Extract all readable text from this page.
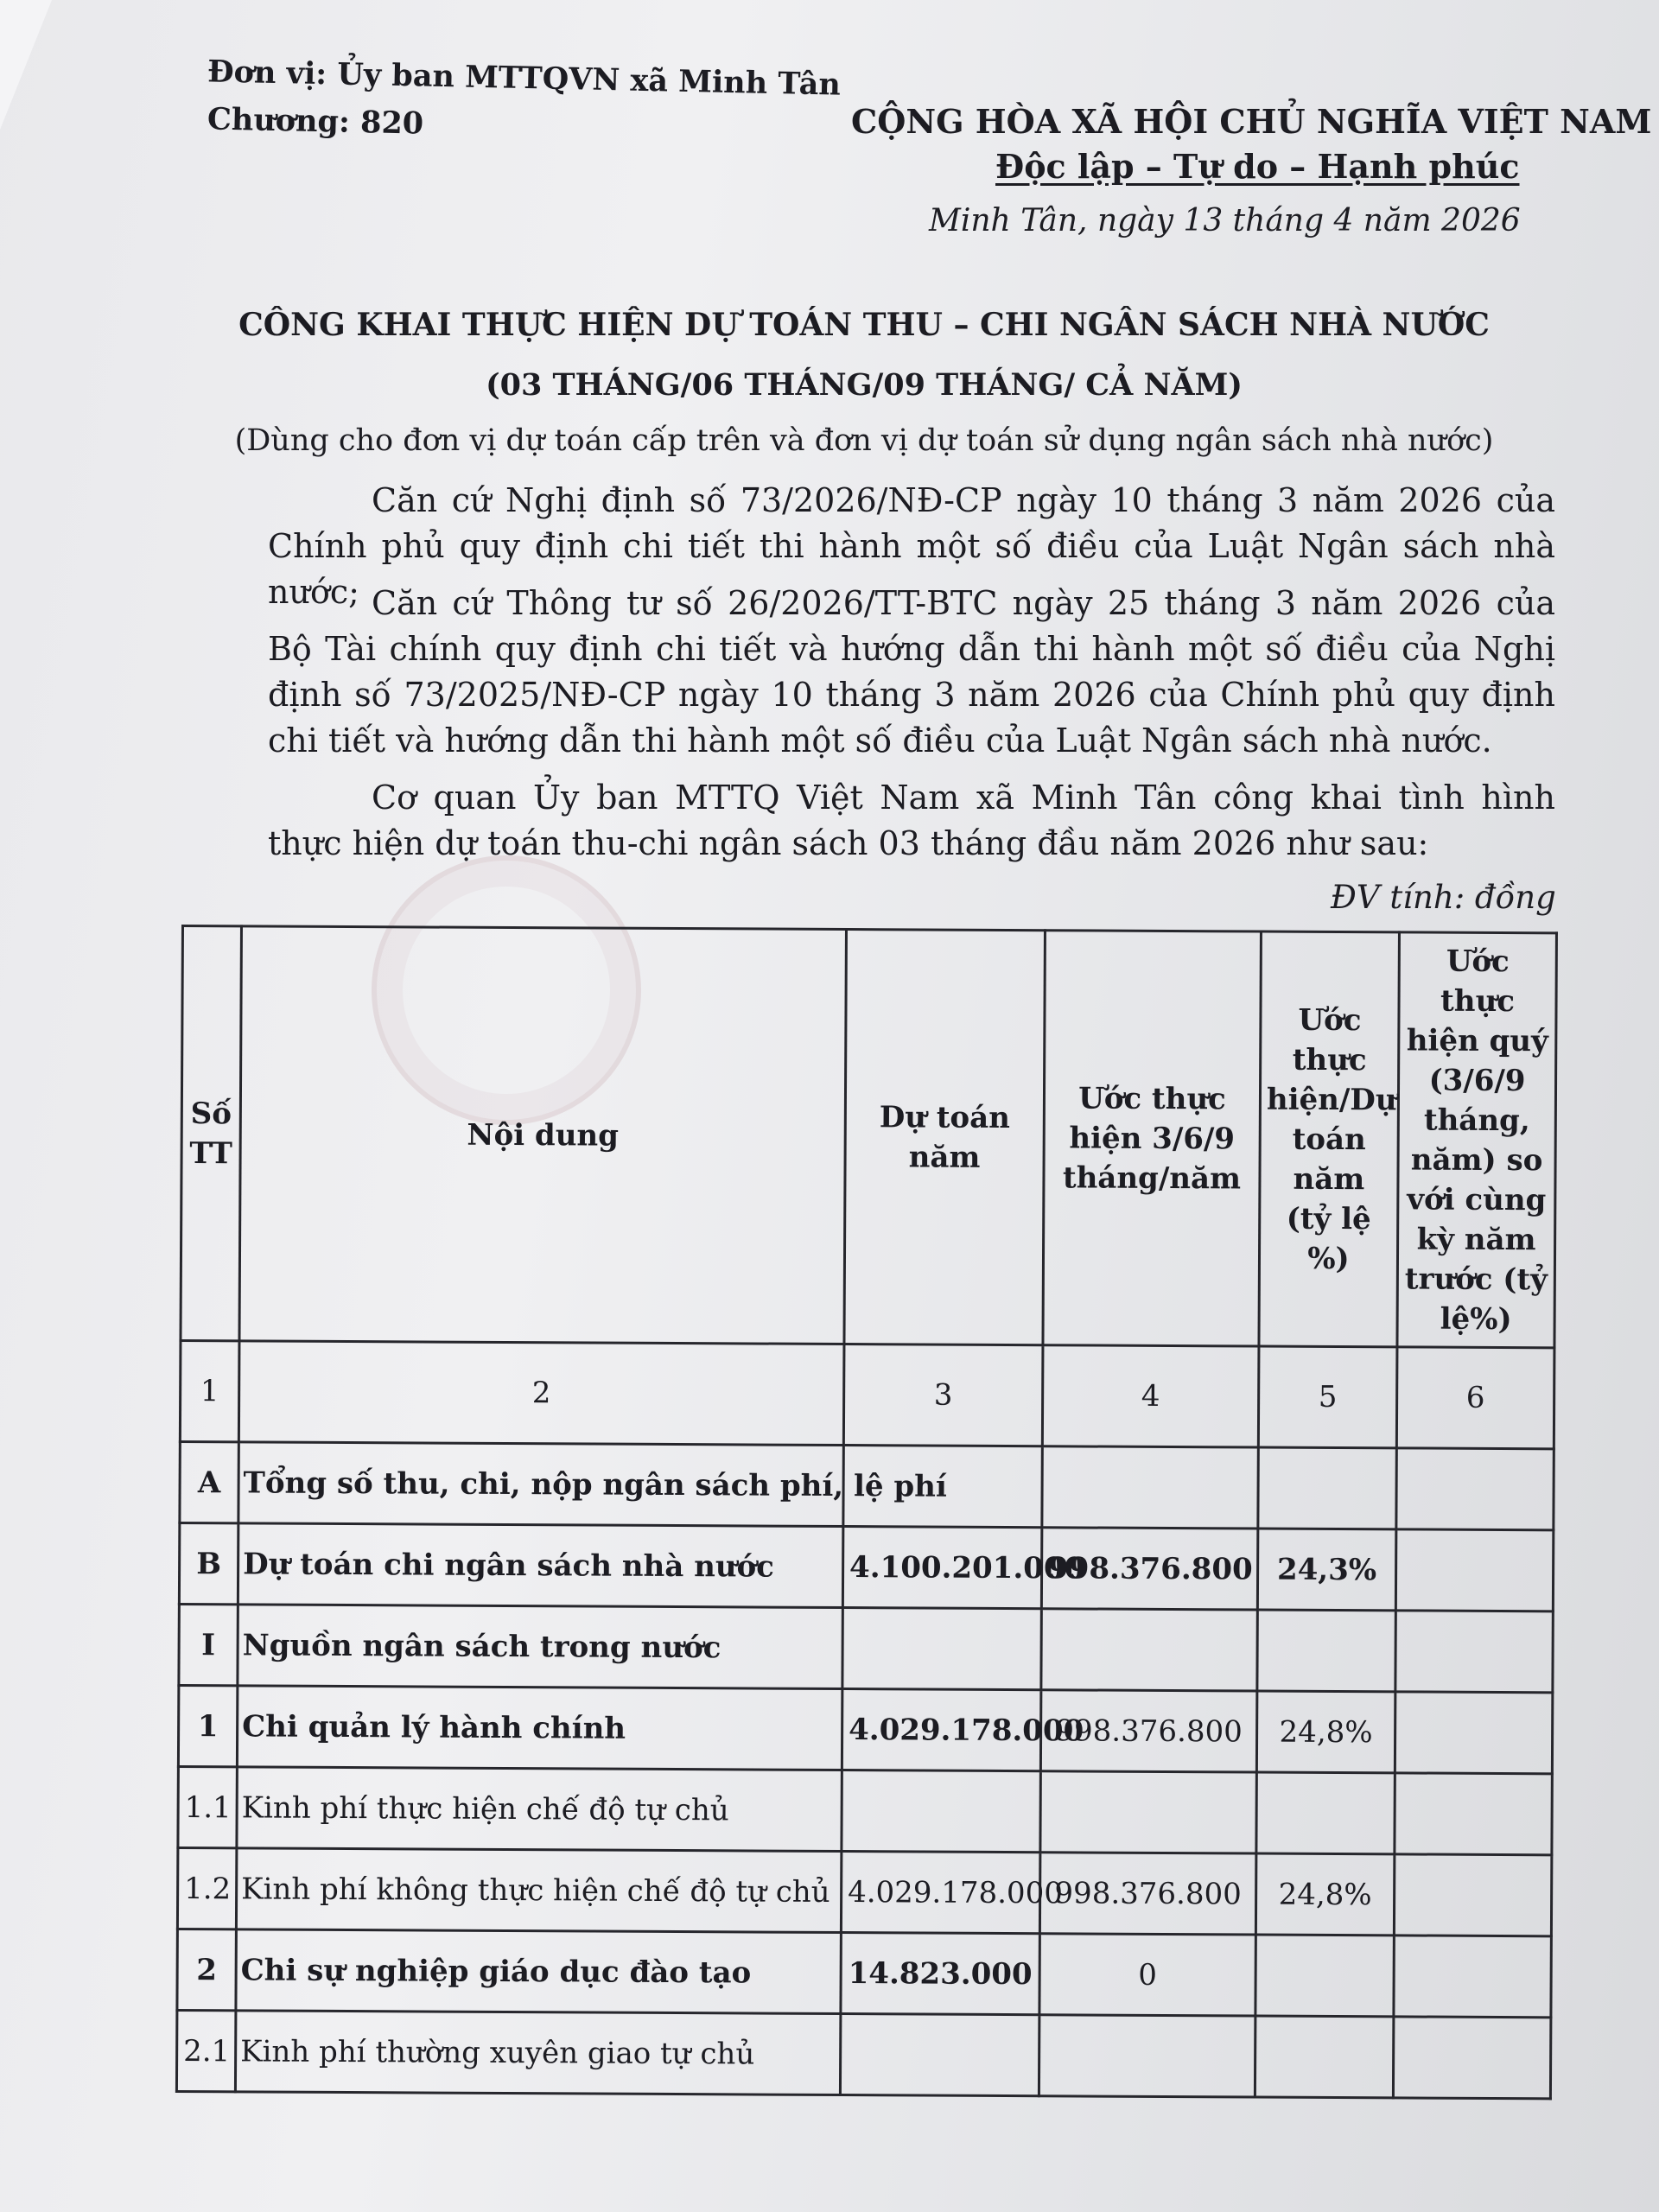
Đơn vị: Ủy ban MTTQVN xã Minh Tân
Chương: 820	CỘNG HÒA XÃ HỘI CHỦ NGHĨA VIỆT NAM
Độc lập – Tự do – Hạnh phúc
Minh Tân, ngày 13 tháng 4 năm 2026
CÔNG KHAI THỰC HIỆN DỰ TOÁN THU – CHI NGÂN SÁCH NHÀ NƯỚC
(03 THÁNG/06 THÁNG/09 THÁNG/ CẢ NĂM)
(Dùng cho đơn vị dự toán cấp trên và đơn vị dự toán sử dụng ngân sách nhà nước)

Căn cứ Nghị định số 73/2026/NĐ-CP ngày 10 tháng 3 năm 2026 của Chính phủ quy định chi tiết thi hành một số điều của Luật Ngân sách nhà nước; Căn cứ Thông tư số 26/2026/TT-BTC ngày 25 tháng 3 năm 2026 của Bộ Tài chính quy định chi tiết và hướng dẫn thi hành một số điều của Nghị định số 73/2025/NĐ-CP ngày 10 tháng 3 năm 2026 của Chính phủ quy định chi tiết và hướng dẫn thi hành một số điều của Luật Ngân sách nhà nước.

Cơ quan Ủy ban MTTQ Việt Nam xã Minh Tân công khai tình hình thực hiện dự toán thu-chi ngân sách 03 tháng đầu năm 2026 như sau:

ĐV tính: đồng
Số TT	Nội dung	Dự toán năm	Ước thực hiện 3/6/9 tháng/năm	Ước thực hiện/Dự toán năm (tỷ lệ %)	Ước thực hiện quý (3/6/9 tháng, năm) so với cùng kỳ năm trước (tỷ lệ%)
1	2	3	4	5	6
A	Tổng số thu, chi, nộp ngân sách phí, lệ phí				
B	Dự toán chi ngân sách nhà nước	4.100.201.000	998.376.800	24,3%	
I	Nguồn ngân sách trong nước				
1	Chi quản lý hành chính	4.029.178.000	998.376.800	24,8%	
1.1	Kinh phí thực hiện chế độ tự chủ				
1.2	Kinh phí không thực hiện chế độ tự chủ	4.029.178.000	998.376.800	24,8%	
2	Chi sự nghiệp giáo dục đào tạo	14.823.000	0		
2.1	Kinh phí thường xuyên giao tự chủ				
